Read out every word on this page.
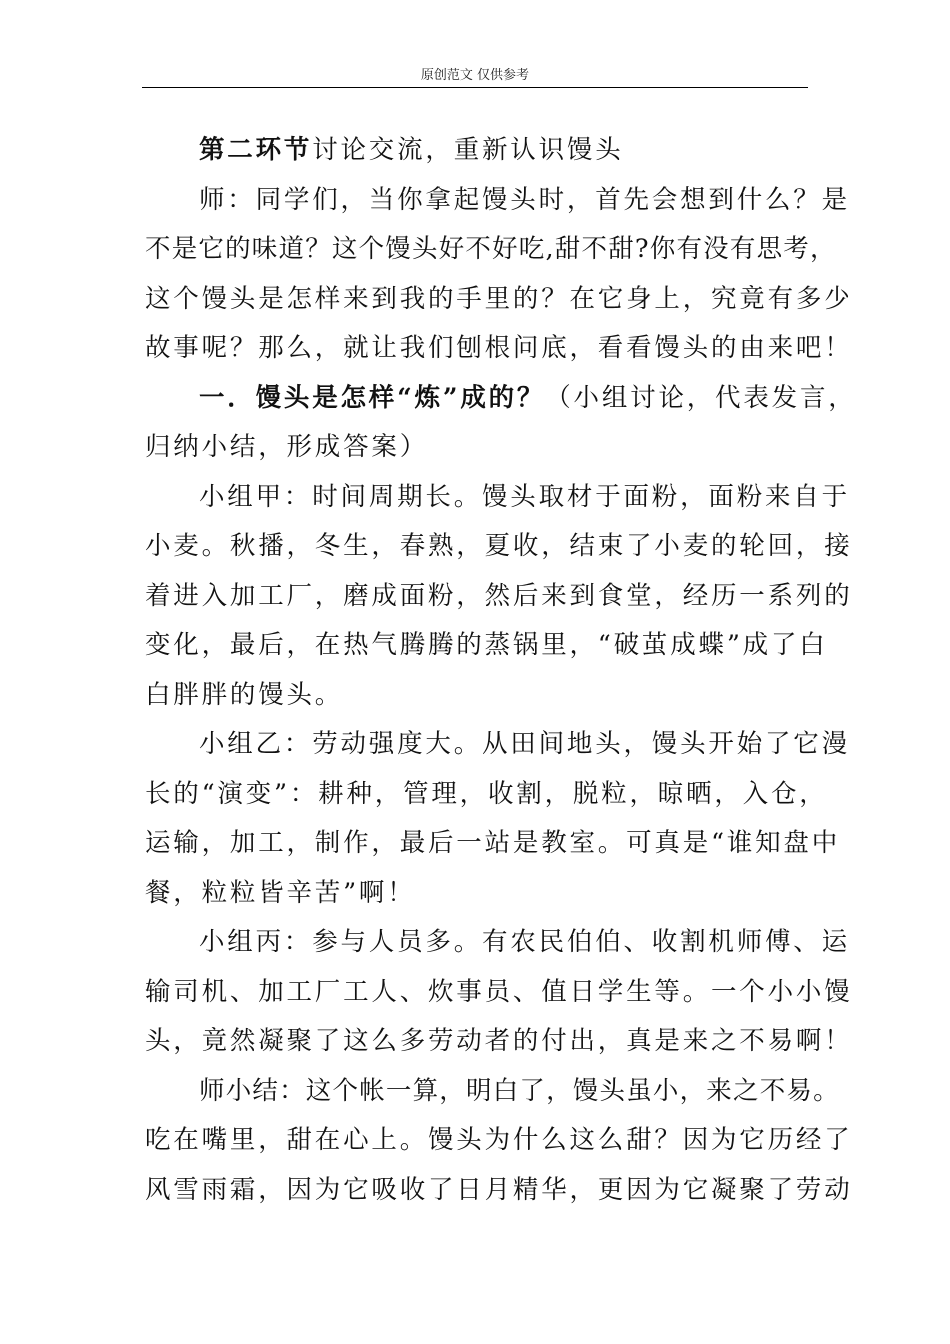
原创范文 仅供参考
第二环节讨论交流，重新认识馒头
师：同学们，当你拿起馒头时，首先会想到什么？是
不是它的味道？这个馒头好不好吃,甜不甜?你有没有思考，
这个馒头是怎样来到我的手里的？在它身上，究竟有多少
故事呢？那么，就让我们刨根问底，看看馒头的由来吧！
一．馒头是怎样“炼”成的？（小组讨论，代表发言，
归纳小结，形成答案）
小组甲：时间周期长。馒头取材于面粉，面粉来自于
小麦。秋播，冬生，春熟，夏收，结束了小麦的轮回，接
着进入加工厂，磨成面粉，然后来到食堂，经历一系列的
变化，最后，在热气腾腾的蒸锅里，“破茧成蝶”成了白
白胖胖的馒头。
小组乙：劳动强度大。从田间地头，馒头开始了它漫
长的“演变”：耕种，管理，收割，脱粒，晾晒，入仓，
运输，加工，制作，最后一站是教室。可真是“谁知盘中
餐，粒粒皆辛苦”啊！
小组丙：参与人员多。有农民伯伯、收割机师傅、运
输司机、加工厂工人、炊事员、值日学生等。一个小小馒
头，竟然凝聚了这么多劳动者的付出，真是来之不易啊！
师小结：这个帐一算，明白了，馒头虽小，来之不易。
吃在嘴里，甜在心上。馒头为什么这么甜？因为它历经了
风雪雨霜，因为它吸收了日月精华，更因为它凝聚了劳动
